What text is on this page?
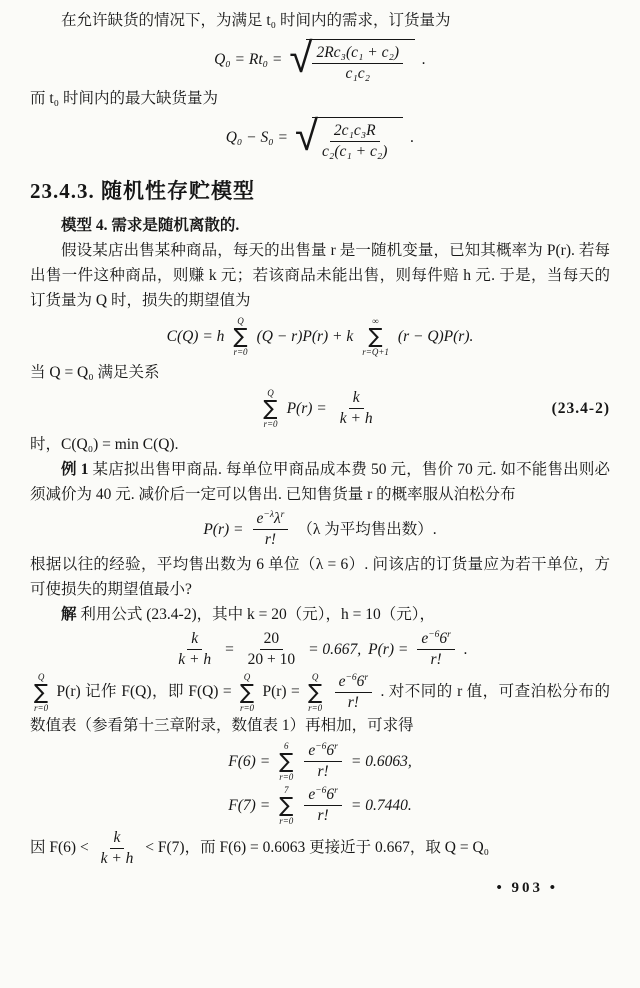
在允许缺货的情况下，为满足 t₀ 时间内的需求，订货量为

Q₀ = Rt₀ = √ $\frac{\text{2Rc₃(c₁ + c₂)}}{\text{c₁c₂}}$ .

而 t₀ 时间内的最大缺货量为

Q₀ − S₀ = √ $\frac{\text{2c₁c₃R}}{\text{c₂(c₁ + c₂)}}$ .
23.4.3. 随机性存贮模型

模型 4. 需求是随机离散的.

假设某店出售某种商品，每天的出售量 r 是一随机变量，已知其概率为 P(r). 若每出售一件这种商品，则赚 k 元；若该商品未能出售，则每件赔 h 元. 于是，当每天的订货量为 Q 时，损失的期望值为

C(Q) = h
Q
∑
r=0
(Q − r)P(r) + k
∞
∑
r=Q+1
(r − Q)P(r).

当 Q = Q₀ 满足关系

Q
∑
r=0
$P(r) = \frac{k}{k + h}$	(23.4-2)

时，C(Q₀) = min C(Q).

例 1 某店拟出售甲商品. 每单位甲商品成本费 50 元，售价 70 元. 如不能售出则必须减价为 40 元. 减价后一定可以售出. 已知售货量 r 的概率服从泊松分布

$P(r) = \frac{e^{-\lambda}\lambda^r}{r!} (\lambda$ 为平均售出数）.

根据以往的经验，平均售出数为 6 单位（λ = 6）. 问该店的订货量应为若干单位，方可使损失的期望值最小?

解 利用公式 (23.4-2)，其中 k = 20（元），h = 10（元），

$\frac{k}{k + h} = \frac{20}{20 + 10} = 0.667$, $P(r) = \frac{e^{-6}6^r}{r!}$ .

Q
∑
r=0
P(r) 记作 F(Q)，即 F(Q) =
Q
∑
r=0
P(r) =
Q
∑
r=0
$\frac{e^{-6}6^r}{r!}$ . 对不同的 r 值，可查泊松分布的数值表（参看第十三章附录，数值表 1）再相加，可求得

F(6) =
6
∑
$r=0 \frac{e^{-6}6^r}{r!} = 0.6063$,
F(7) =
7
∑
$r=0 \frac{e^{-6}6^r}{r!} = 0.7440$.

因 $F(6) < \frac{k}{k + h} < F(7)$，而 F(6) = 0.6063 更接近于 0.667，取 Q = Q₀

• 903 •
